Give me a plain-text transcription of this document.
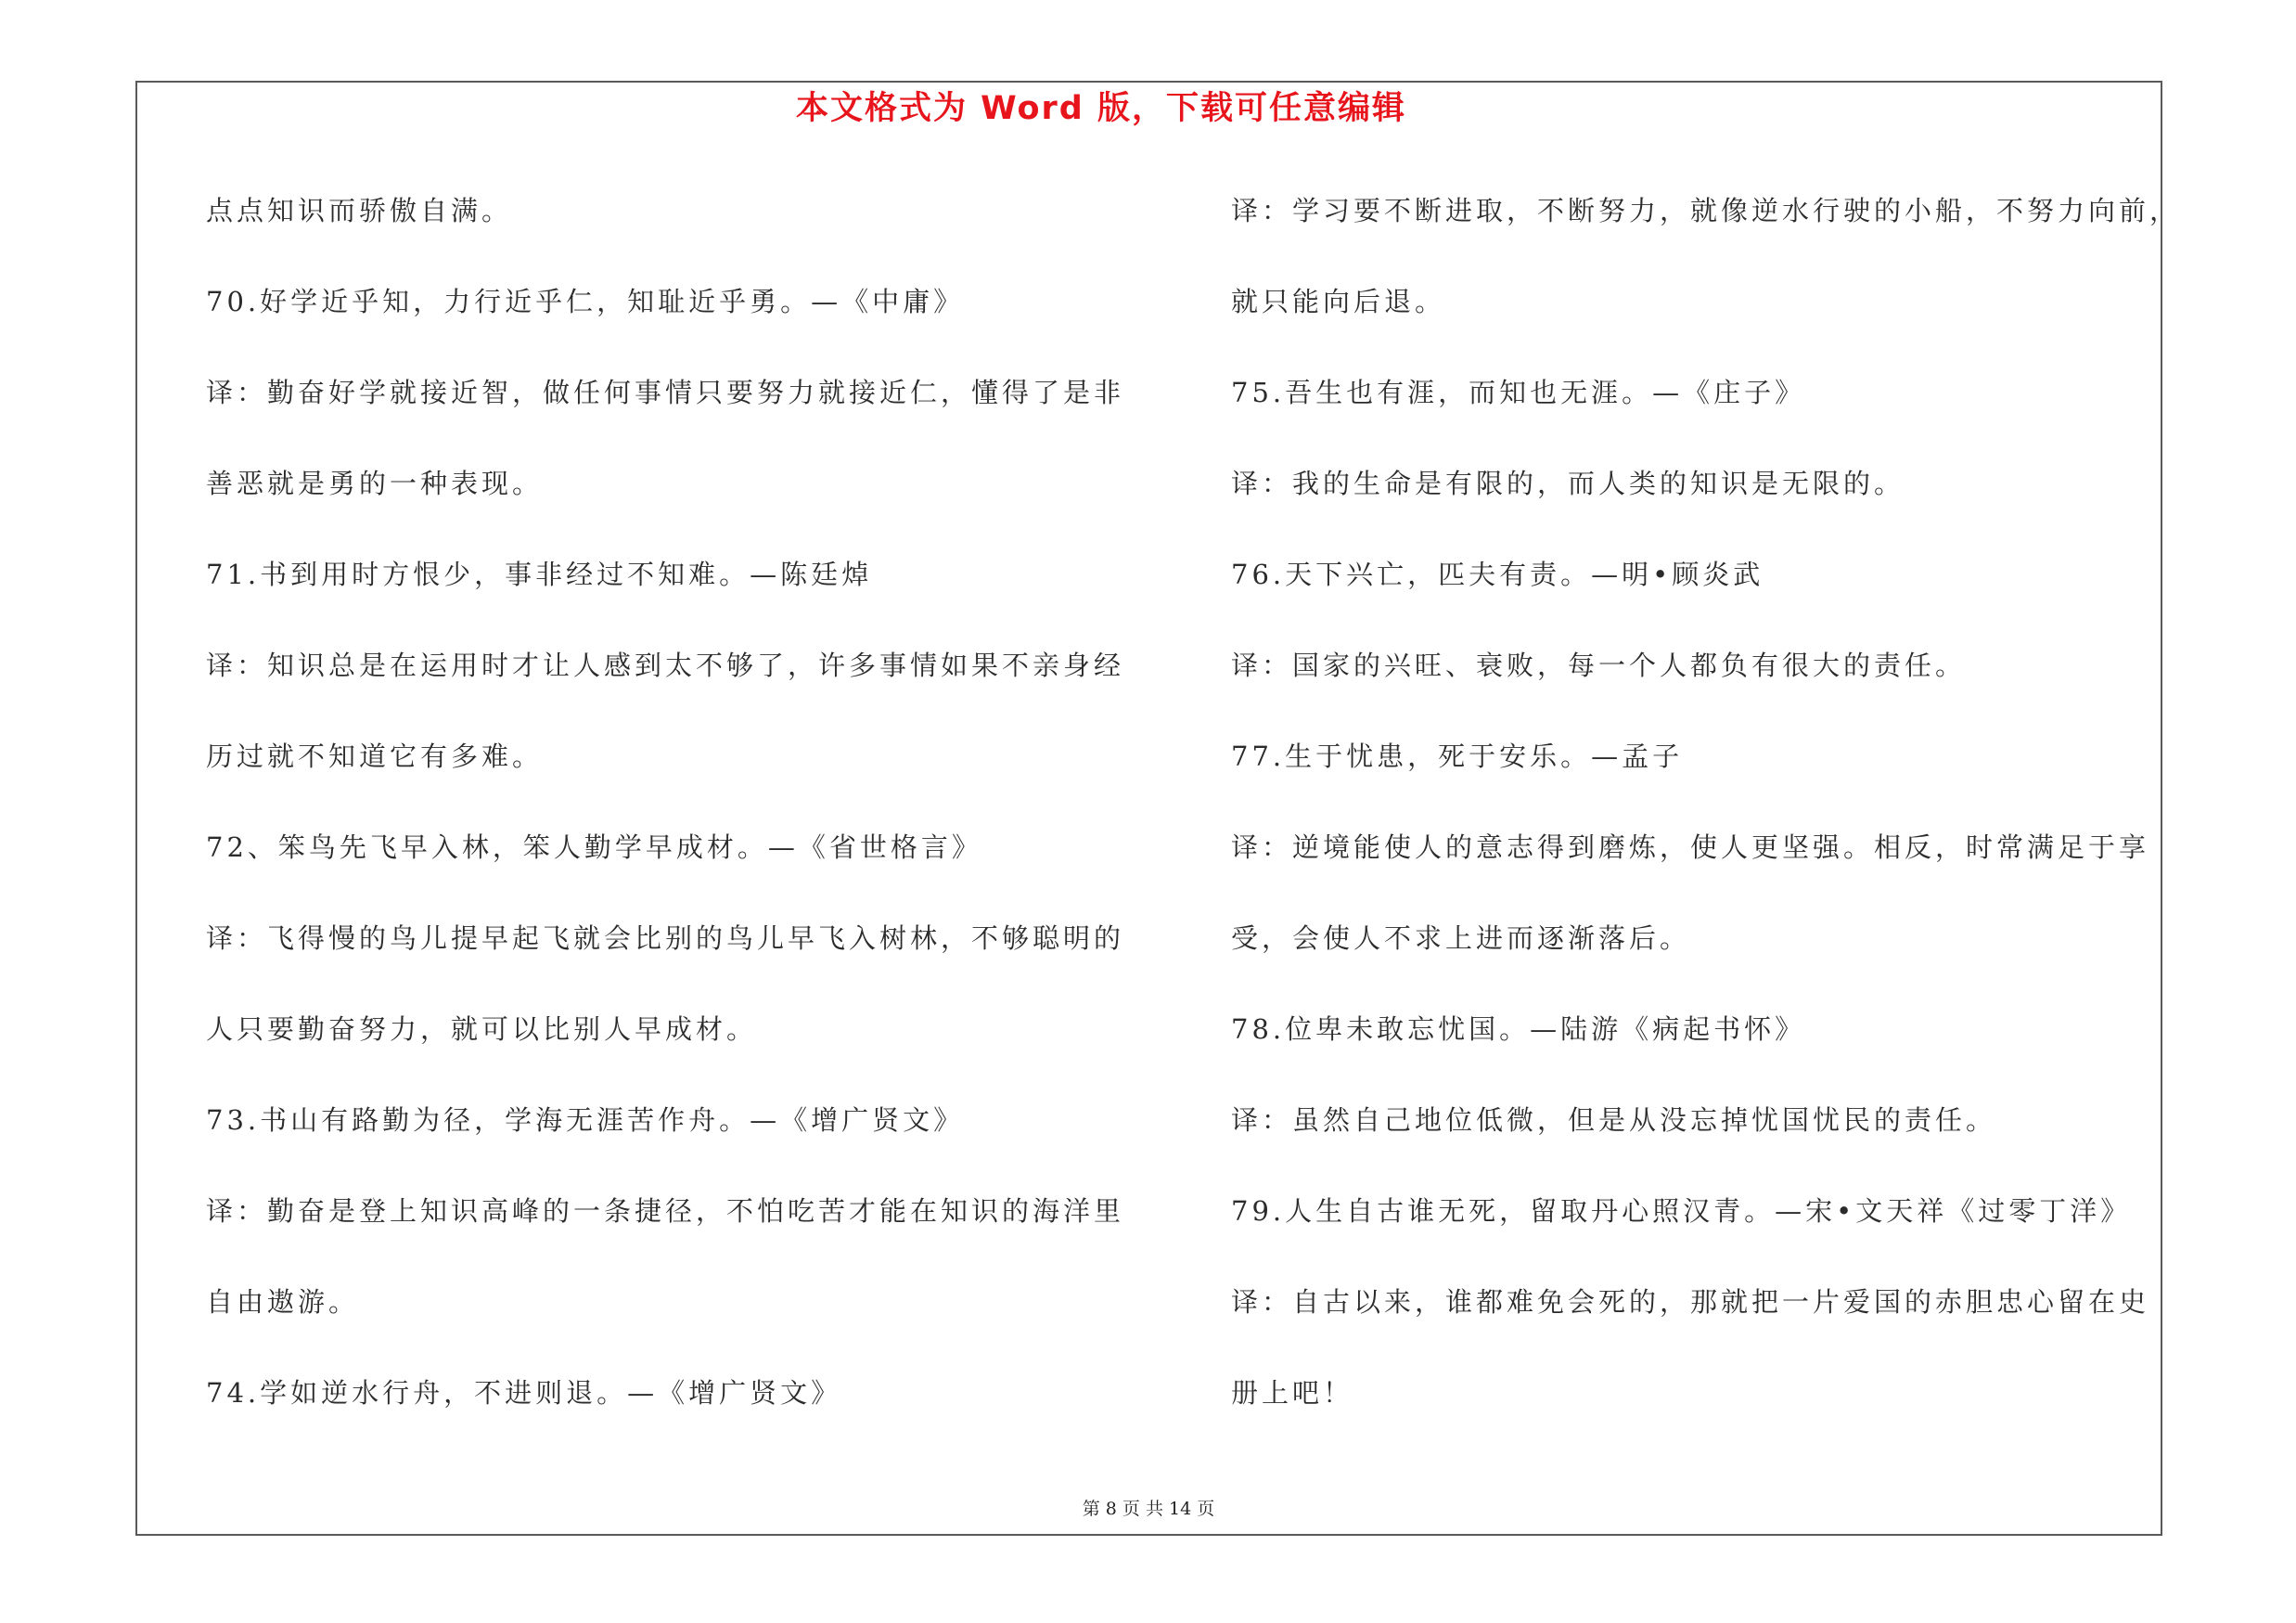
本文格式为 Word 版，下载可任意编辑
点点知识而骄傲自满。
70.好学近乎知，力行近乎仁，知耻近乎勇。—《中庸》
译：勤奋好学就接近智，做任何事情只要努力就接近仁，懂得了是非
善恶就是勇的一种表现。
71.书到用时方恨少，事非经过不知难。—陈廷焯
译：知识总是在运用时才让人感到太不够了，许多事情如果不亲身经
历过就不知道它有多难。
72、笨鸟先飞早入林，笨人勤学早成材。—《省世格言》
译：飞得慢的鸟儿提早起飞就会比别的鸟儿早飞入树林，不够聪明的
人只要勤奋努力，就可以比别人早成材。
73.书山有路勤为径，学海无涯苦作舟。—《增广贤文》
译：勤奋是登上知识高峰的一条捷径，不怕吃苦才能在知识的海洋里
自由遨游。
74.学如逆水行舟，不进则退。—《增广贤文》
译：学习要不断进取，不断努力，就像逆水行驶的小船，不努力向前，
就只能向后退。
75.吾生也有涯，而知也无涯。—《庄子》
译：我的生命是有限的，而人类的知识是无限的。
76.天下兴亡，匹夫有责。—明•顾炎武
译：国家的兴旺、衰败，每一个人都负有很大的责任。
77.生于忧患，死于安乐。—孟子
译：逆境能使人的意志得到磨炼，使人更坚强。相反，时常满足于享
受，会使人不求上进而逐渐落后。
78.位卑未敢忘忧国。—陆游《病起书怀》
译：虽然自己地位低微，但是从没忘掉忧国忧民的责任。
79.人生自古谁无死，留取丹心照汉青。—宋•文天祥《过零丁洋》
译：自古以来，谁都难免会死的，那就把一片爱国的赤胆忠心留在史
册上吧！
第 8 页 共 14 页
